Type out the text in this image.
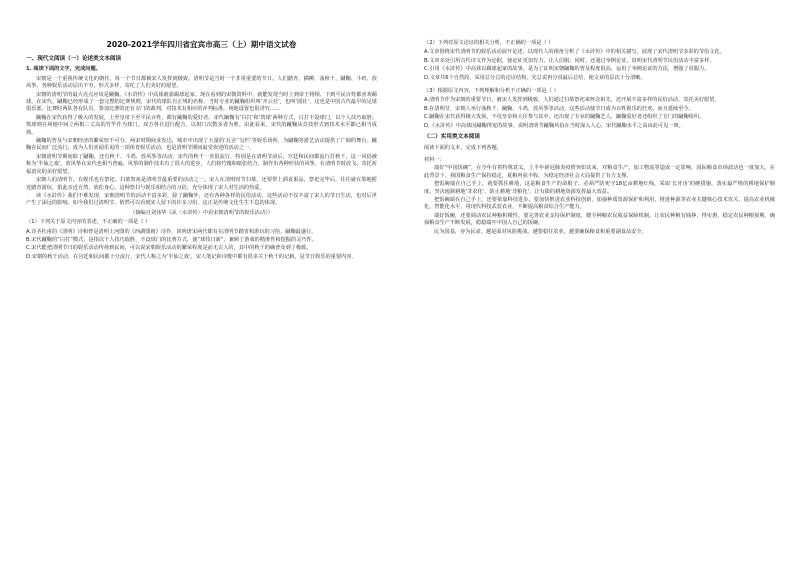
2020-2021学年四川省宜宾市高三（上）期中语文试卷
一、现代文阅读（一）论述类文本阅读
1. 阅读下面的文字，完成问题。

宋朝是一个重视传统文化的朝代，每一个节日都被宋人发挥到极致。清明节是当时一个非常重要的节日。人们踏青、插柳、荡秋千、蹴鞠、斗鸡、放风筝，各种娱乐活动层出不穷，形式多样，寄托了人们美好的愿望。

宋朝的清明节的最大亮点应该是蹴鞠。《水浒传》中高俅就靠踢球起家。现在看到的宋朝资料中，就能发现当时上到帝王将相、下到平民百姓都喜欢踢球。在宋代，蹴鞠已经形成了一套完整的比赛规则，宋代的球队有正规的名称，当时专业的蹴鞠组织叫‘齐云社’，也叫‘圆社’，这也是中国古代最早的足球俱乐部。比赛时两队各有队员，参加比赛的还有专门的裁判，对技术有相应的评判标准，场地设置也很讲究……

蹴鞠在宋代获得了极大的发展。上至皇帝下至平民百姓，都有蹴鞠的爱好者。宋代蹴鞠有‘白打’和‘筑球’两种方式，白打不设球门，以个人技巧取胜；筑球则在场地中间立两根三丈高的竹竿作为球门，双方各自进行配合，以射门次数多者为胜。由此看来，宋代的蹴鞠从竞技形式到技术水平都已相当成熟。

蹴鞠的普及与宋朝经济的繁荣密不可分。两宋时期商业发达，城市中出现了大量的‘瓦舍’‘勾栏’等娱乐场所，为蹴鞠等游艺活动提供了广阔的舞台。蹴鞠在民间广泛流行，成为人们喜闻乐见的一项体育娱乐活动，也是清明节期间最受欢迎的活动之一。

宋朝清明节期间除了蹴鞠，还有秋千、斗鸡、放风筝等活动。宋代的秋千一直很流行，特别是在清明节前后，宫廷和民间都流行打秋千，这一风俗被称为‘半仙之戏’。放风筝在宋代也相当普遍，风筝的制作技术有了很大的进步，人们将竹篾和纸张结合，制作出各种形状的风筝，在清明节时放飞，寄托祈福消灾的美好愿望。

宋朝人的清明节，有娱乐也有祭祀。扫墓祭祖是清明节最重要的活动之一。宋人在清明时节扫墓，还要带上酒食果品，祭祀完毕后，往往就在墓地附近踏青游玩，借此亲近自然，放松身心。这种祭扫与娱乐相结合的习俗，充分体现了宋人对生活的热爱。

读《水浒传》我们不难发现，宋朝清明节的活动丰富多彩，除了蹴鞠外，还有各种各样的民俗活动，这些活动不仅丰富了宋人的节日生活，也对后世产生了深远的影响。如今我们过清明节，依然可以看到宋人留下的许多习俗，这正是传统文化生生不息的体现。

（摘编自刘伟华《从〈水浒传〉中看宋朝清明节的娱乐活动》）

（1）下列关于原文内容的表述，不正确的一项是（ ）

A.诗圣杜甫的《清明》诗和曾是清明上河图的《西湖图画》诗作，说明唐宋两代都有在清明节踏青和游玩的习俗，蹴鞠最盛行。

B.宋代蹴鞠的“白打”模式，是指以个人技巧取胜、不设球门的比赛方式，使“球技日新”，兼顾了游戏的精准性和挖掘的灵巧性。

C.宋代能把清明节日的娱乐活动传扬到民间，可以说宋朝娱乐活动的繁荣程度是前无古人的，其中的秋千的确普及到了极致。

D.宋朝的秋千活动，在宫廷和民间都十分流行，宋代人称之为‘半仙之戏’，宋人笔记和诗歌中都有很多关于秋千的记载，是节日娱乐的重要内容。

（2）下列对原文论证的相关分析，不正确的一项是（ ）

A.文章围绕宋代清明节的娱乐活动展开论述，以现代人的视角分析了《水浒传》中的相关描写，展现了宋代清明节多彩的节俗文化。

B.文章多处引用古代诗文作为论据，使论证更加有力，让人信服；同时，还通过举例论证，说明宋代清明节民俗活动丰富多样。

C.引用《水浒传》中高俅以踢球起家的故事，是为了证明宋朝蹴鞠的普及程度很高，运用了举例论证的方法，增强了说服力。

D.文章共6个自然段，采用总分总的论证结构，先总说再分说最后总结，使文章的层次十分清晰。

（3）根据原文内容，下列理解和分析不正确的一项是（ ）

A.清明节作为宋朝的重要节日，被宋人发挥到极致，人们通过扫墓祭祀来怀念祖先，还开展丰富多样的民俗活动，寄托美好愿望。

B.在清明节，宋朝人举行荡秋千、蹴鞠、斗鸡、放风筝等活动，这些活动使节日成为百姓娱乐的狂欢，而且延续至今。

C.蹴鞠在宋代获得极大发展，不仅皇帝和大臣参与其中，还出现了专业的蹴鞠艺人，蹴鞠爱好者还组织了专门的蹴鞠组织。

D.《水浒传》中高俅因蹴鞠得宠的故事，说明清明节蹴鞠风俗在当时深入人心，宋代蹴鞠水平之高由此可见一斑。

（二）实用类文本阅读

阅读下面的文本，完成下列各题。

材料一：

端好“中国饭碗”，在今年有着特殊意义。上半年新冠肺炎疫情突如其来，对粮食生产、加工物流等造成一定影响，国际粮食市场波动也一度加大。在此背景下，我国粮食生产保持稳定，夏粮再获丰收，为稳定经济社会大局提供了有力支撑。

把饭碗端在自己手上，就要抓住耕地，这是粮食生产的命根子。必须严防死守18亿亩耕地红线，采取‘长牙齿’的硬措施，落实最严格的耕地保护制度，坚决遏制耕地‘非农化’、防止耕地‘非粮化’，让有限的耕地资源发挥最大效益。

把饭碗端在自己手上，还要依靠科技进步。要加快推进农业科技创新，加强种质资源保护和利用，推进种源等农业关键核心技术攻关，提高农业机械化、智能化水平，用现代科技武装农业，不断提高粮食综合生产能力。

端好饭碗，还要调动农民种粮积极性。要完善农业支持保护制度，健全种粮农民收益保障机制，让农民种粮有钱挣、得实惠，稳定农民种粮预期，确保粮食生产不断发展，稳稳端牢中国人自己的饭碗。

民为国基，谷为民命。越是面对风险挑战，越要稳住农业，越要确保粮食和重要副食品安全。
